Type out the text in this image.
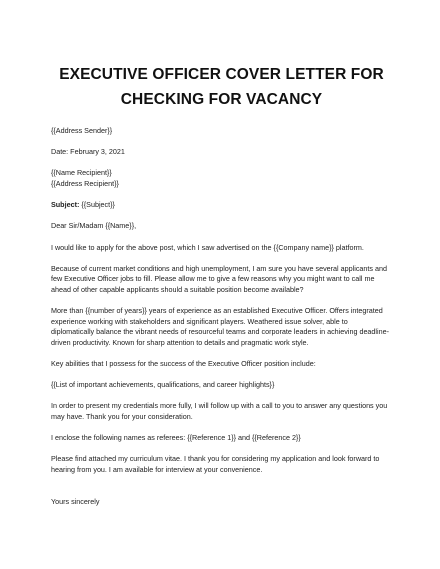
EXECUTIVE OFFICER COVER LETTER FOR
CHECKING FOR VACANCY

{{Address Sender}}

Date: February 3, 2021

{{Name Recipient}}

{{Address Recipient}}

Subject: {{Subject}}

Dear Sir/Madam {{Name}},

I would like to apply for the above post, which I saw advertised on the {{Company name}} platform.

Because of current market conditions and high unemployment, I am sure you have several applicants and few Executive Officer jobs to fill. Please allow me to give a few reasons why you might want to call me ahead of other capable applicants should a suitable position become available?

More than {{number of years}} years of experience as an established Executive Officer. Offers integrated experience working with stakeholders and significant players. Weathered issue solver, able to diplomatically balance the vibrant needs of resourceful teams and corporate leaders in achieving deadline-driven productivity. Known for sharp attention to details and pragmatic work style.

Key abilities that I possess for the success of the Executive Officer position include:

{{List of important achievements, qualifications, and career highlights}}

In order to present my credentials more fully, I will follow up with a call to you to answer any questions you may have. Thank you for your consideration.

I enclose the following names as referees: {{Reference 1}} and {{Reference 2}}

Please find attached my curriculum vitae. I thank you for considering my application and look forward to hearing from you. I am available for interview at your convenience.

Yours sincerely
